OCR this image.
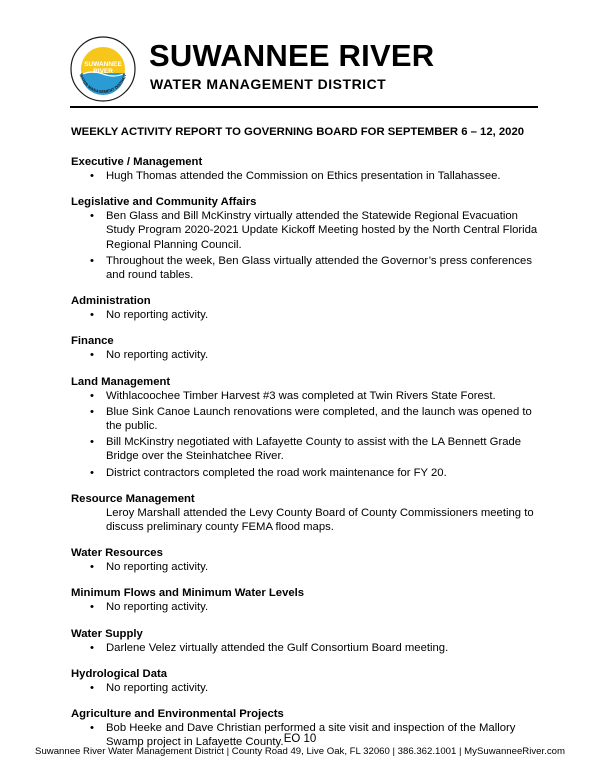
SUWANNEE
RIVER
WATER MANAGEMENT DISTRICT
SUWANNEE RIVER
WATER MANAGEMENT DISTRICT
WEEKLY ACTIVITY REPORT TO GOVERNING BOARD FOR SEPTEMBER 6 – 12, 2020
Executive / Management
• Hugh Thomas attended the Commission on Ethics presentation in Tallahassee.
Legislative and Community Affairs
• Ben Glass and Bill McKinstry virtually attended the Statewide Regional Evacuation Study Program 2020-2021 Update Kickoff Meeting hosted by the North Central Florida Regional Planning Council.
• Throughout the week, Ben Glass virtually attended the Governor’s press conferences and round tables.
Administration
• No reporting activity.
Finance
• No reporting activity.
Land Management
• Withlacoochee Timber Harvest #3 was completed at Twin Rivers State Forest.
• Blue Sink Canoe Launch renovations were completed, and the launch was opened to the public.
• Bill McKinstry negotiated with Lafayette County to assist with the LA Bennett Grade Bridge over the Steinhatchee River.
• District contractors completed the road work maintenance for FY 20.
Resource Management
Leroy Marshall attended the Levy County Board of County Commissioners meeting to discuss preliminary county FEMA flood maps.
Water Resources
• No reporting activity.
Minimum Flows and Minimum Water Levels
• No reporting activity.
Water Supply
• Darlene Velez virtually attended the Gulf Consortium Board meeting.
Hydrological Data
• No reporting activity.
Agriculture and Environmental Projects
• Bob Heeke and Dave Christian performed a site visit and inspection of the Mallory Swamp project in Lafayette County. EO 10
Suwannee River Water Management District | County Road 49, Live Oak, FL 32060 | 386.362.1001 | MySuwanneeRiver.com
